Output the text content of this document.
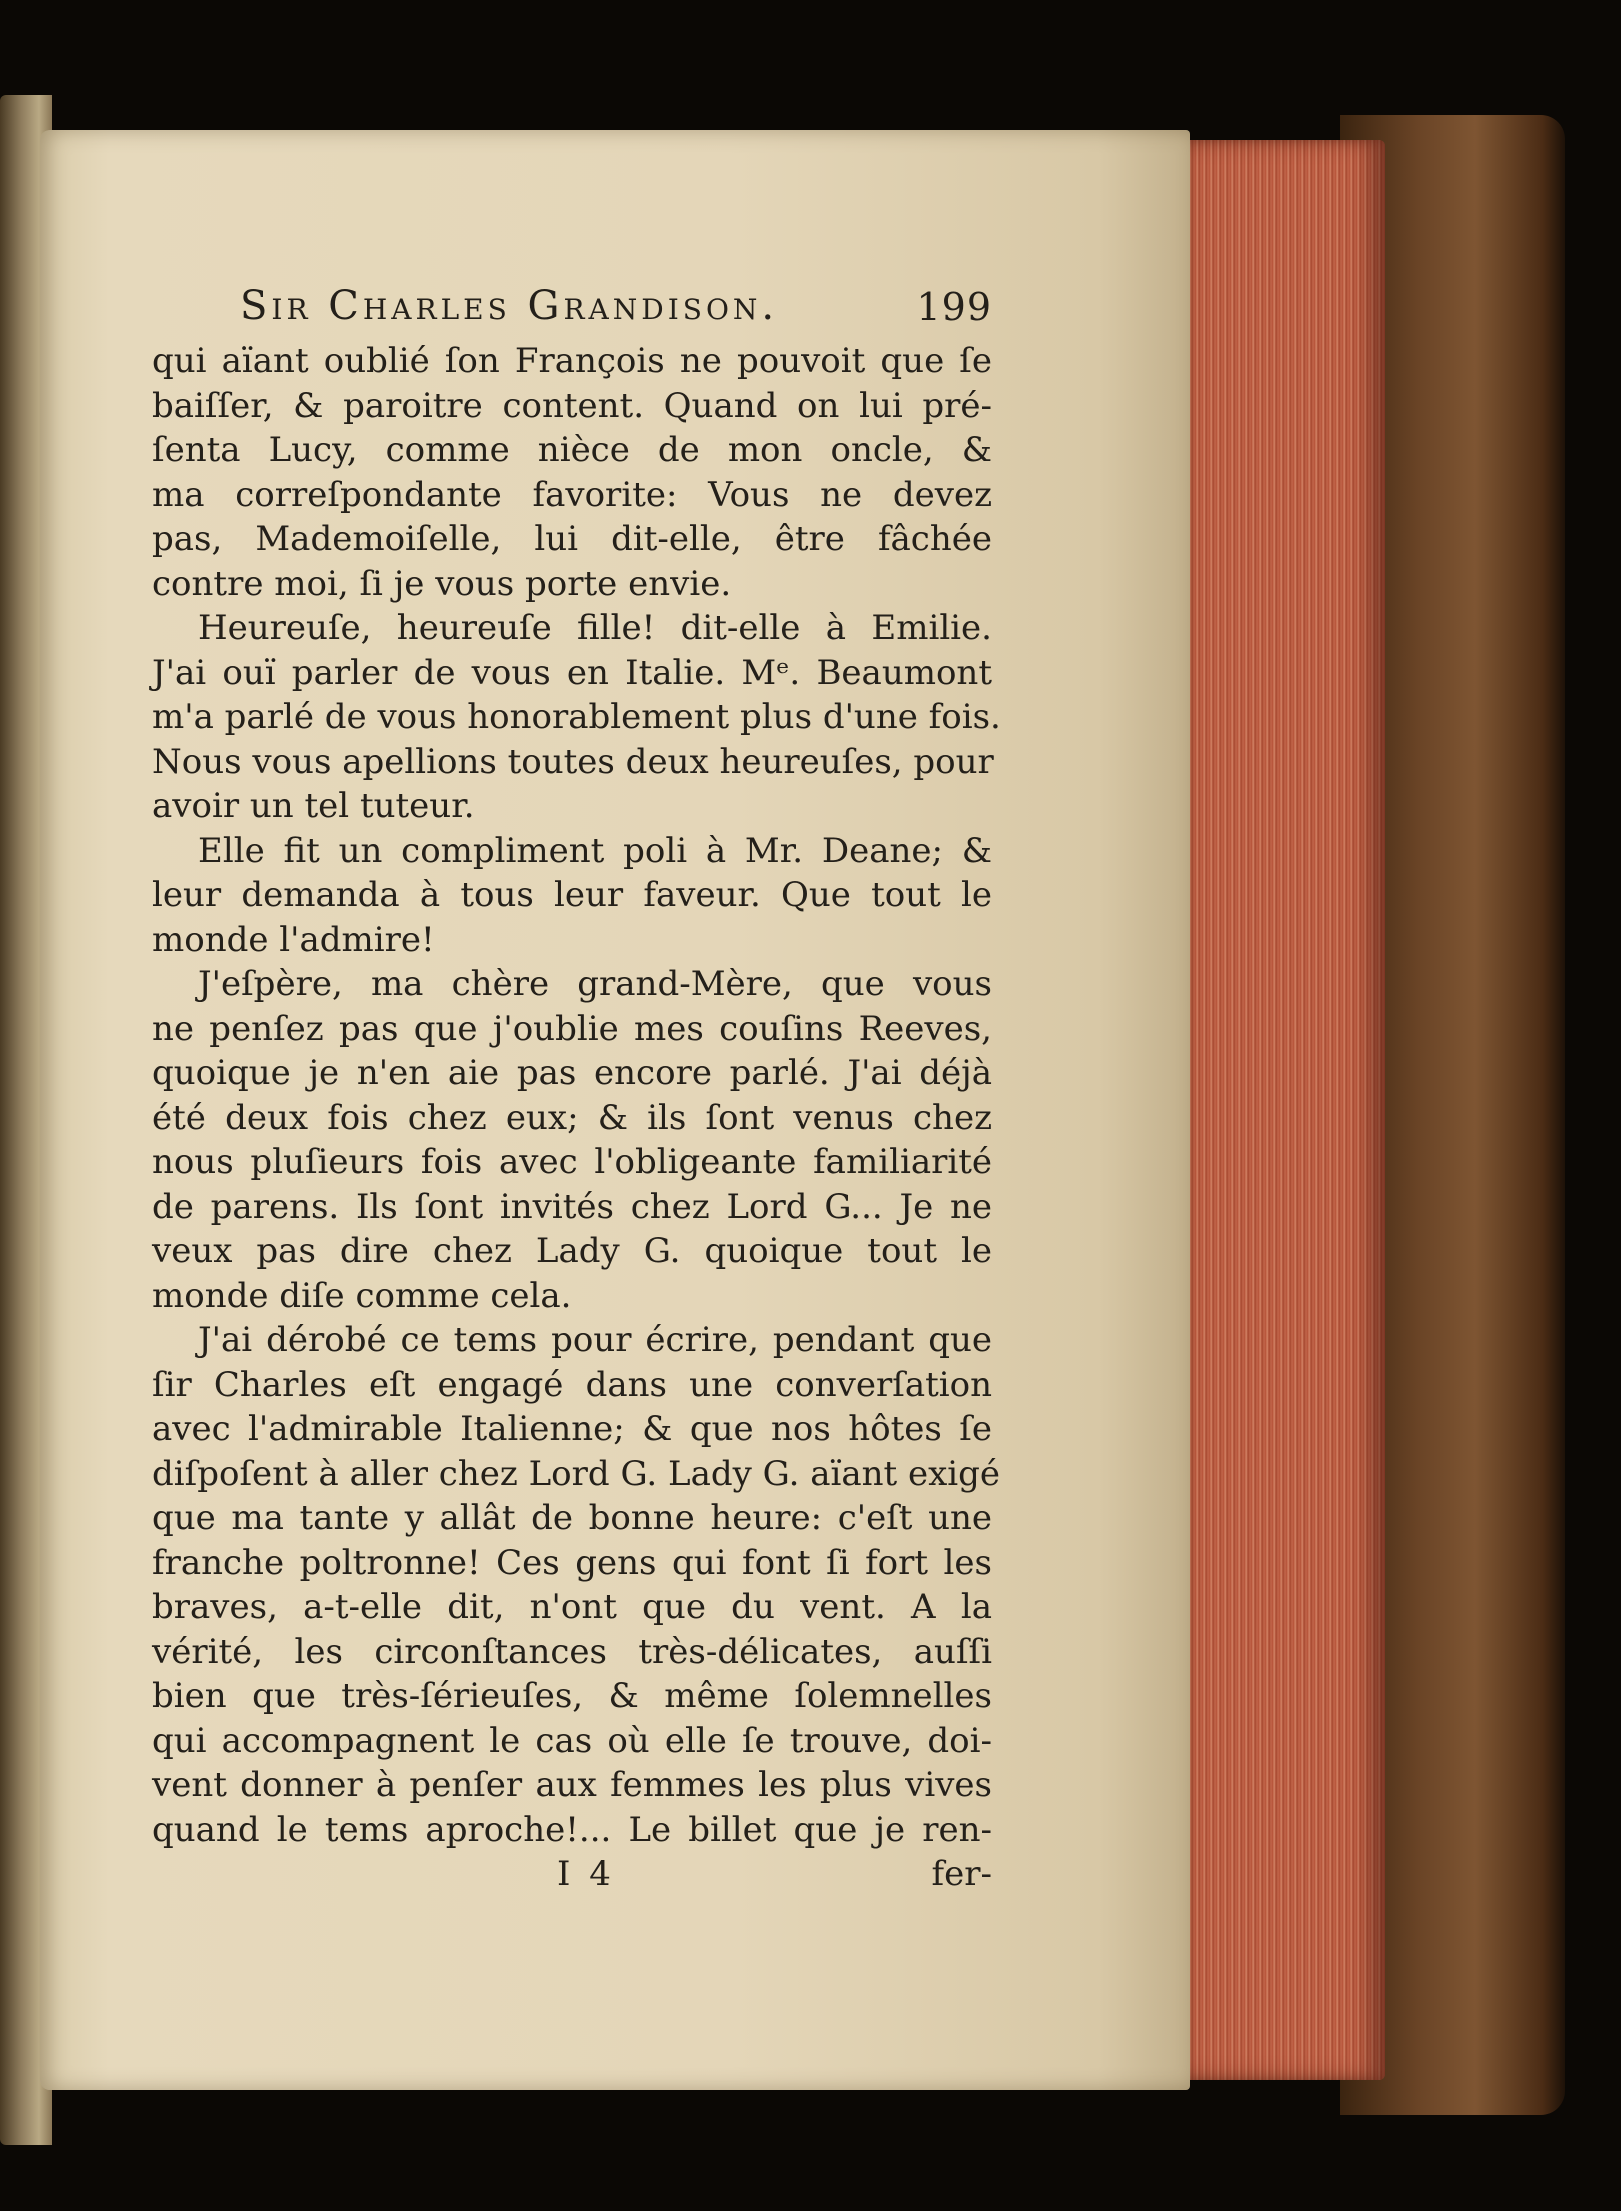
Sir Charles Grandison.	199
qui aïant oublié ſon François ne pouvoit que ſe
baiſſer, & paroitre content. Quand on lui pré-
ſenta Lucy, comme nièce de mon oncle, &
ma correſpondante favorite: Vous ne devez
pas, Mademoiſelle, lui dit-elle, être fâchée
contre moi, ſi je vous porte envie.
Heureuſe, heureuſe fille! dit-elle à Emilie.
J'ai ouï parler de vous en Italie. Mᵉ. Beaumont
m'a parlé de vous honorablement plus d'une fois.
Nous vous apellions toutes deux heureuſes, pour
avoir un tel tuteur.
Elle fit un compliment poli à Mr. Deane; &
leur demanda à tous leur faveur. Que tout le
monde l'admire!
J'eſpère, ma chère grand-Mère, que vous
ne penſez pas que j'oublie mes couſins Reeves,
quoique je n'en aie pas encore parlé. J'ai déjà
été deux fois chez eux; & ils ſont venus chez
nous pluſieurs fois avec l'obligeante familiarité
de parens. Ils ſont invités chez Lord G... Je ne
veux pas dire chez Lady G. quoique tout le
monde diſe comme cela.
J'ai dérobé ce tems pour écrire, pendant que
ſir Charles eſt engagé dans une converſation
avec l'admirable Italienne; & que nos hôtes ſe
diſpoſent à aller chez Lord G. Lady G. aïant exigé
que ma tante y allât de bonne heure: c'eſt une
franche poltronne! Ces gens qui font ſi fort les
braves, a-t-elle dit, n'ont que du vent. A la
vérité, les circonſtances très-délicates, auſſi
bien que très-ſérieuſes, & même ſolemnelles
qui accompagnent le cas où elle ſe trouve, doi-
vent donner à penſer aux femmes les plus vives
quand le tems aproche!... Le billet que je ren-
I 4	fer-
